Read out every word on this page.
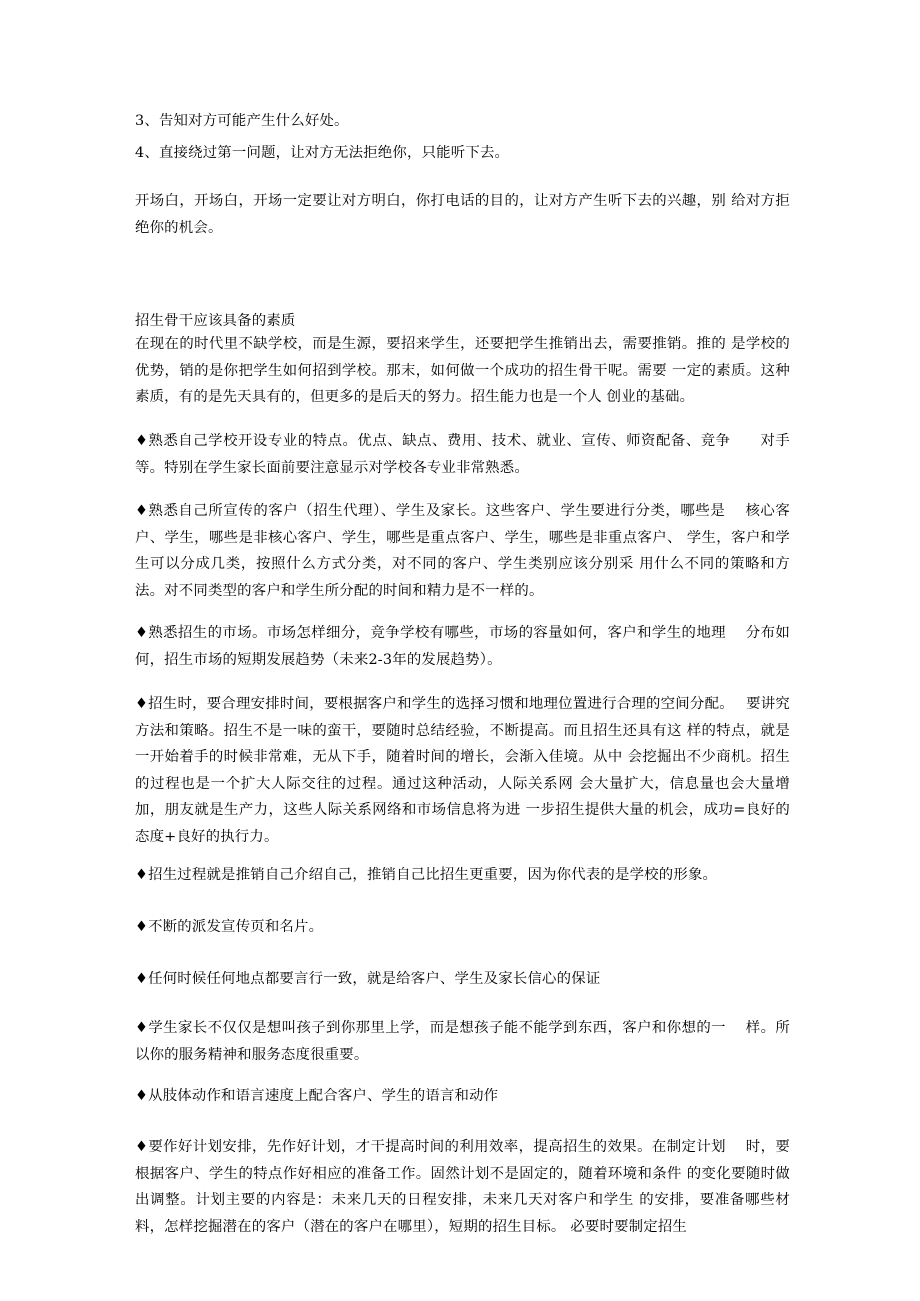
3、告知对方可能产生什么好处。

4、直接绕过第一问题，让对方无法拒绝你，只能听下去。

开场白，开场白，开场一定要让对方明白，你打电话的目的，让对方产生听下去的兴趣，别 给对方拒绝你的机会。

招生骨干应该具备的素质

在现在的时代里不缺学校，而是生源，要招来学生，还要把学生推销出去，需要推销。推的 是学校的优势，销的是你把学生如何招到学校。那末，如何做一个成功的招生骨干呢。需要 一定的素质。这种素质，有的是先天具有的，但更多的是后天的努力。招生能力也是一个人 创业的基础。

♦熟悉自己学校开设专业的特点。优点、缺点、费用、技术、就业、宣传、师资配备、竞争　　对手等。特别在学生家长面前要注意显示对学校各专业非常熟悉。

♦熟悉自己所宣传的客户（招生代理）、学生及家长。这些客户、学生要进行分类，哪些是　 核心客户、学生，哪些是非核心客户、学生，哪些是重点客户、学生，哪些是非重点客户、 学生，客户和学生可以分成几类，按照什么方式分类，对不同的客户、学生类别应该分别采 用什么不同的策略和方法。对不同类型的客户和学生所分配的时间和精力是不一样的。

♦熟悉招生的市场。市场怎样细分，竞争学校有哪些，市场的容量如何，客户和学生的地理　 分布如何，招生市场的短期发展趋势（未来2-3年的发展趋势）。

♦招生时，要合理安排时间，要根据客户和学生的选择习惯和地理位置进行合理的空间分配。　 要讲究方法和策略。招生不是一味的蛮干，要随时总结经验，不断提高。而且招生还具有这 样的特点，就是一开始着手的时候非常难，无从下手，随着时间的增长，会渐入佳境。从中 会挖掘出不少商机。招生的过程也是一个扩大人际交往的过程。通过这种活动，人际关系网 会大量扩大，信息量也会大量增加，朋友就是生产力，这些人际关系网络和市场信息将为进 一步招生提供大量的机会，成功=良好的态度+良好的执行力。

♦招生过程就是推销自己介绍自己，推销自己比招生更重要，因为你代表的是学校的形象。

♦不断的派发宣传页和名片。

♦任何时候任何地点都要言行一致，就是给客户、学生及家长信心的保证

♦学生家长不仅仅是想叫孩子到你那里上学，而是想孩子能不能学到东西，客户和你想的一　 样。所以你的服务精神和服务态度很重要。

♦从肢体动作和语言速度上配合客户、学生的语言和动作

♦要作好计划安排，先作好计划，才干提高时间的利用效率，提高招生的效果。在制定计划　 时，要根据客户、学生的特点作好相应的准备工作。固然计划不是固定的，随着环境和条件 的变化要随时做出调整。计划主要的内容是：未来几天的日程安排，未来几天对客户和学生 的安排，要准备哪些材料，怎样挖掘潜在的客户（潜在的客户在哪里），短期的招生目标。 必要时要制定招生
